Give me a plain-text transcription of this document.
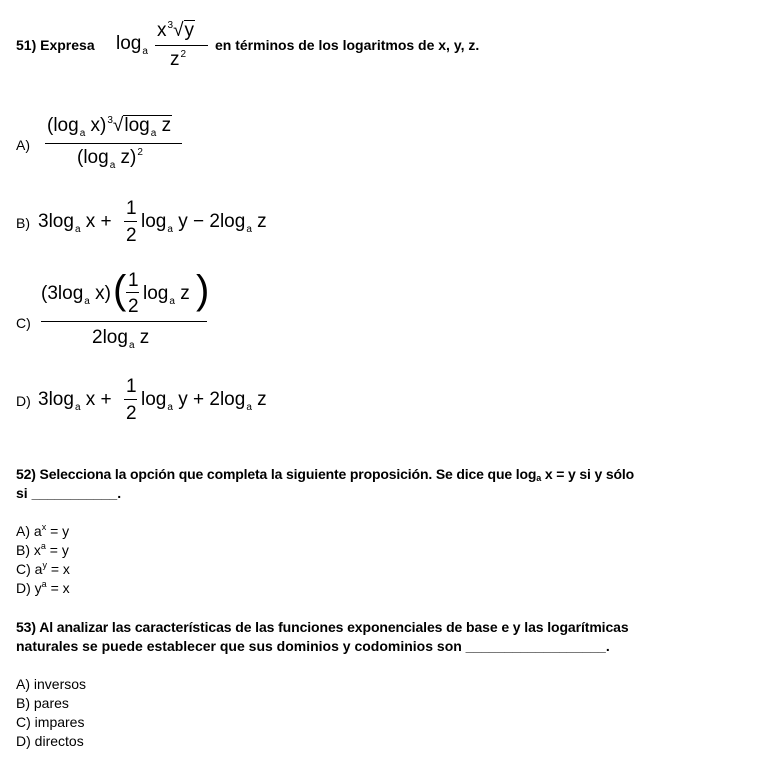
51) Expresa $\log_a$
$x^3√y$
$z^2$
en términos de los logaritmos de x, y, z.
A)
($\log_a$ $x)^3√\log_a$ z
($\log_a$ z)$^2$
B) $3\log_a$ x +
1
2
$\log_a y - 2\log_a$ z
C)
($3\log_a$ x) ( 1
2
$\log_a z$ )
$2\log_a$ z
D) $3\log_a$ x +
1
2
$\log_a y + 2\log_a$ z
52) Selecciona la opción que completa la siguiente proposición. Se dice que loga x = y si y sólo
si ___________.
A) $a^x = y$
B) $x^a = y$
C) $a^y = x$
D) $y^a = x$
53) Al analizar las características de las funciones exponenciales de base e y las logarítmicas
naturales se puede establecer que sus dominios y codominios son __________________.
A) inversos
B) pares
C) impares
D) directos
